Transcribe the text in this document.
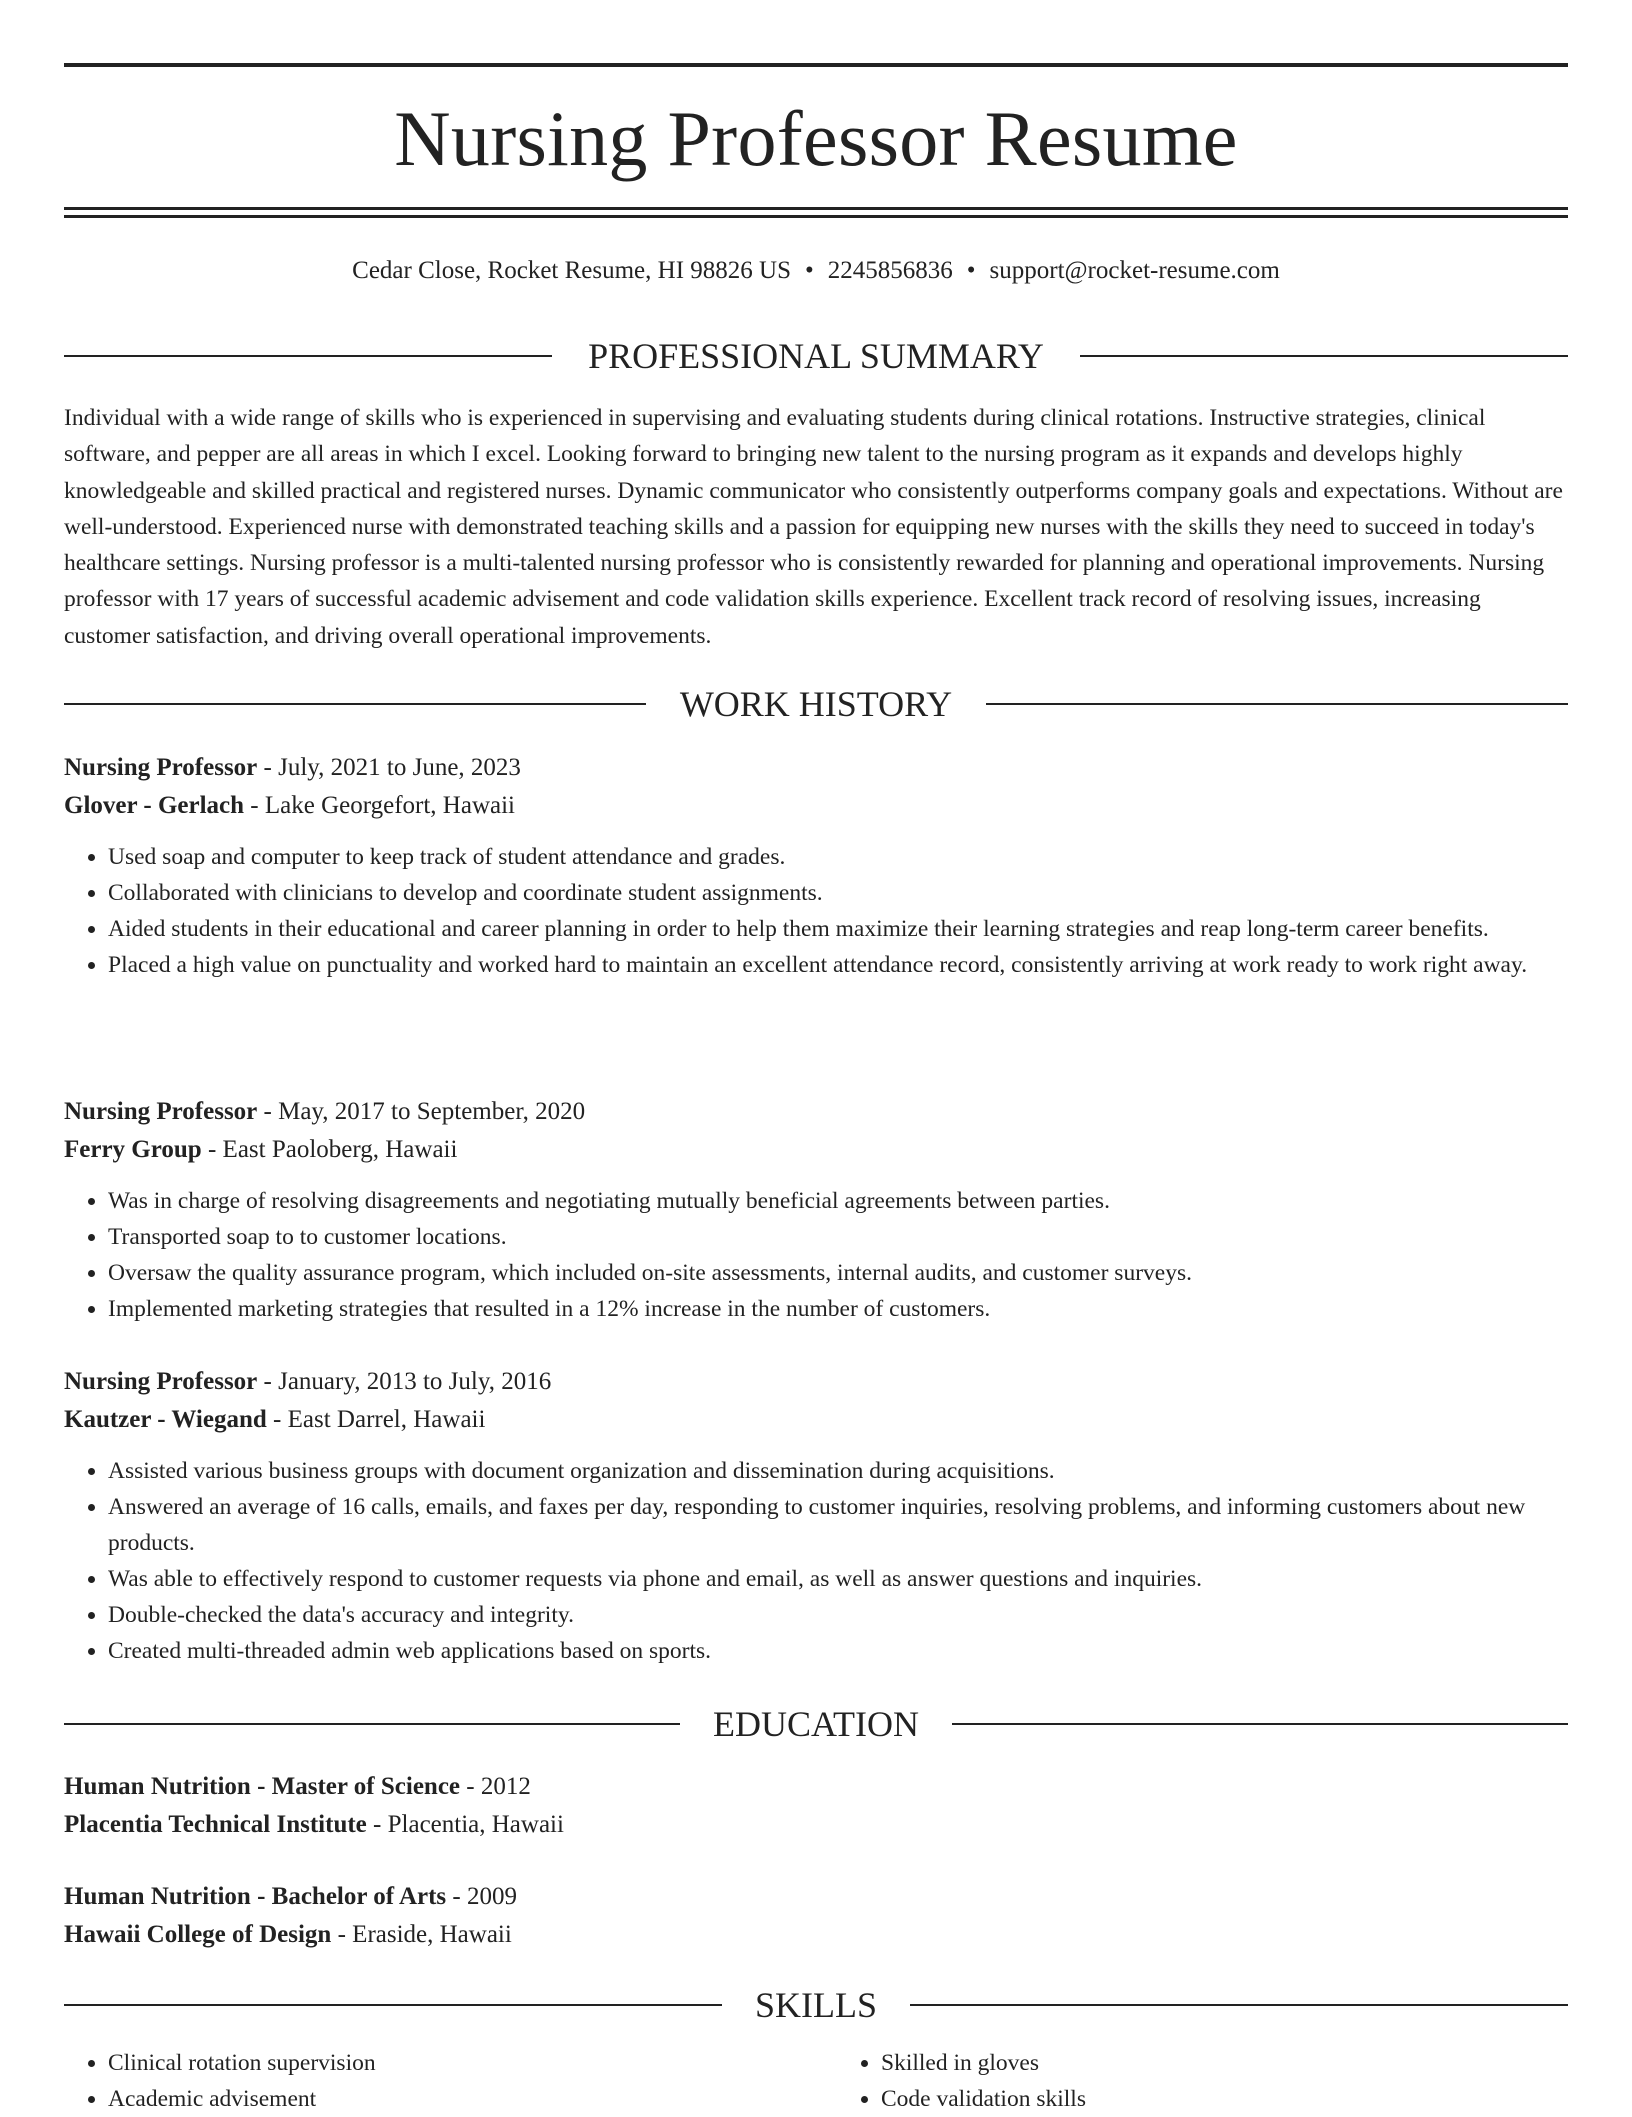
Nursing Professor Resume
Cedar Close, Rocket Resume, HI 98826 US • 2245856836 • support@rocket-resume.com
PROFESSIONAL SUMMARY

Individual with a wide range of skills who is experienced in supervising and evaluating students during clinical rotations. Instructive strategies, clinical software, and pepper are all areas in which I excel. Looking forward to bringing new talent to the nursing program as it expands and develops highly knowledgeable and skilled practical and registered nurses. Dynamic communicator who consistently outperforms company goals and expectations. Without are well-understood. Experienced nurse with demonstrated teaching skills and a passion for equipping new nurses with the skills they need to succeed in today's healthcare settings. Nursing professor is a multi-talented nursing professor who is consistently rewarded for planning and operational improvements. Nursing professor with 17 years of successful academic advisement and code validation skills experience. Excellent track record of resolving issues, increasing customer satisfaction, and driving overall operational improvements.

WORK HISTORY
Nursing Professor - July, 2021 to June, 2023
Glover - Gerlach - Lake Georgefort, Hawaii
• Used soap and computer to keep track of student attendance and grades.
• Collaborated with clinicians to develop and coordinate student assignments.
• Aided students in their educational and career planning in order to help them maximize their learning strategies and reap long-term career benefits.
• Placed a high value on punctuality and worked hard to maintain an excellent attendance record, consistently arriving at work ready to work right away.
Nursing Professor - May, 2017 to September, 2020
Ferry Group - East Paoloberg, Hawaii
• Was in charge of resolving disagreements and negotiating mutually beneficial agreements between parties.
• Transported soap to to customer locations.
• Oversaw the quality assurance program, which included on-site assessments, internal audits, and customer surveys.
• Implemented marketing strategies that resulted in a 12% increase in the number of customers.
Nursing Professor - January, 2013 to July, 2016
Kautzer - Wiegand - East Darrel, Hawaii
• Assisted various business groups with document organization and dissemination during acquisitions.
• Answered an average of 16 calls, emails, and faxes per day, responding to customer inquiries, resolving problems, and informing customers about new products.
• Was able to effectively respond to customer requests via phone and email, as well as answer questions and inquiries.
• Double-checked the data's accuracy and integrity.
• Created multi-threaded admin web applications based on sports.
EDUCATION
Human Nutrition - Master of Science - 2012
Placentia Technical Institute - Placentia, Hawaii
Human Nutrition - Bachelor of Arts - 2009
Hawaii College of Design - Eraside, Hawaii
SKILLS
• Clinical rotation supervision
• Academic advisement
• Skilled in gloves
• Code validation skills
